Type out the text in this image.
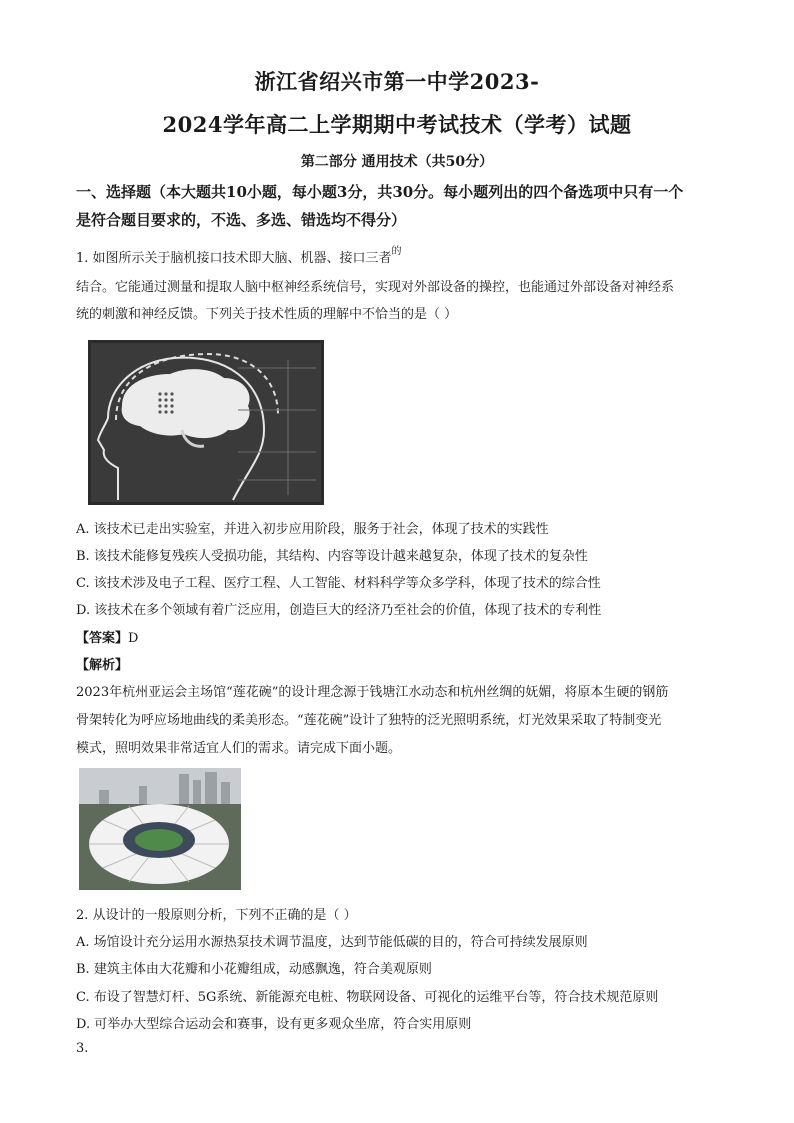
浙江省绍兴市第一中学2023-
2024学年高二上学期期中考试技术（学考）试题
第二部分 通用技术（共50分）
一、选择题（本大题共10小题，每小题3分，共30分。每小题列出的四个备选项中只有一个
是符合题目要求的，不选、多选、错选均不得分）
1. 如图所示关于脑机接口技术即大脑、机器、接口三者$^的$
结合。它能通过测量和提取人脑中枢神经系统信号，实现对外部设备的操控，也能通过外部设备对神经系
统的刺激和神经反馈。下列关于技术性质的理解中不恰当的是（ ）
A. 该技术已走出实验室，并进入初步应用阶段，服务于社会，体现了技术的实践性
B. 该技术能修复残疾人受损功能，其结构、内容等设计越来越复杂，体现了技术的复杂性
C. 该技术涉及电子工程、医疗工程、人工智能、材料科学等众多学科，体现了技术的综合性
D. 该技术在多个领域有着广泛应用，创造巨大的经济乃至社会的价值，体现了技术的专利性
【答案】D
【解析】
2023年杭州亚运会主场馆“莲花碗”的设计理念源于钱塘江水动态和杭州丝绸的妩媚，将原本生硬的钢筋
骨架转化为呼应场地曲线的柔美形态。“莲花碗”设计了独特的泛光照明系统，灯光效果采取了特制变光
模式，照明效果非常适宜人们的需求。请完成下面小题。
2. 从设计的一般原则分析，下列不正确的是（ ）
A. 场馆设计充分运用水源热泵技术调节温度，达到节能低碳的目的，符合可持续发展原则
B. 建筑主体由大花瓣和小花瓣组成，动感飘逸，符合美观原则
C. 布设了智慧灯杆、5G系统、新能源充电桩、物联网设备、可视化的运维平台等，符合技术规范原则
D. 可举办大型综合运动会和赛事，设有更多观众坐席，符合实用原则
3.
